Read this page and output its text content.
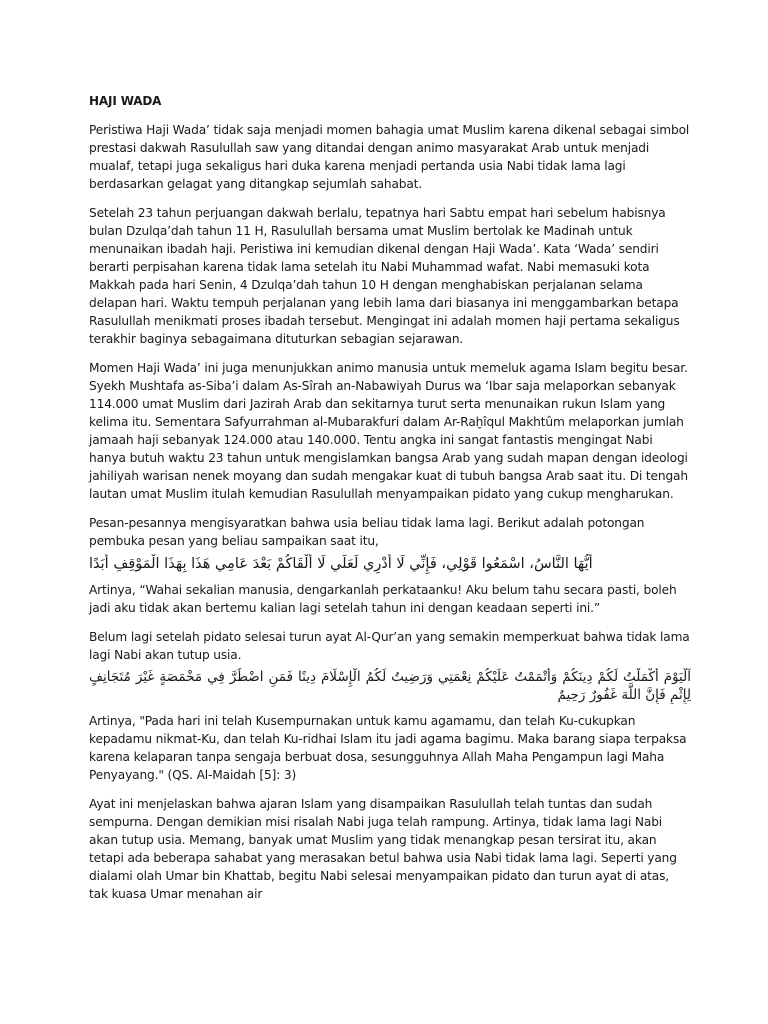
HAJI WADA

Peristiwa Haji Wada’ tidak saja menjadi momen bahagia umat Muslim karena dikenal sebagai simbol prestasi dakwah Rasulullah saw yang ditandai dengan animo masyarakat Arab untuk menjadi mualaf, tetapi juga sekaligus hari duka karena menjadi pertanda usia Nabi tidak lama lagi berdasarkan gelagat yang ditangkap sejumlah sahabat.

Setelah 23 tahun perjuangan dakwah berlalu, tepatnya hari Sabtu empat hari sebelum habisnya bulan Dzulqa’dah tahun 11 H, Rasulullah bersama umat Muslim bertolak ke Madinah untuk menunaikan ibadah haji. Peristiwa ini kemudian dikenal dengan Haji Wada’. Kata ‘Wada’ sendiri berarti perpisahan karena tidak lama setelah itu Nabi Muhammad wafat. Nabi memasuki kota Makkah pada hari Senin, 4 Dzulqa’dah tahun 10 H dengan menghabiskan perjalanan selama delapan hari. Waktu tempuh perjalanan yang lebih lama dari biasanya ini menggambarkan betapa Rasulullah menikmati proses ibadah tersebut. Mengingat ini adalah momen haji pertama sekaligus terakhir baginya sebagaimana dituturkan sebagian sejarawan.

Momen Haji Wada’ ini juga menunjukkan animo manusia untuk memeluk agama Islam begitu besar. Syekh Mushtafa as-Siba’i dalam As-Sîrah an-Nabawiyah Durus wa ‘Ibar saja melaporkan sebanyak 114.000 umat Muslim dari Jazirah Arab dan sekitarnya turut serta menunaikan rukun Islam yang kelima itu. Sementara Safyurrahman al-Mubarakfuri dalam Ar-Raḫîqul Makhtûm melaporkan jumlah jamaah haji sebanyak 124.000 atau 140.000. Tentu angka ini sangat fantastis mengingat Nabi hanya butuh waktu 23 tahun untuk mengislamkan bangsa Arab yang sudah mapan dengan ideologi jahiliyah warisan nenek moyang dan sudah mengakar kuat di tubuh bangsa Arab saat itu. Di tengah lautan umat Muslim itulah kemudian Rasulullah menyampaikan pidato yang cukup mengharukan.

Pesan-pesannya mengisyaratkan bahwa usia beliau tidak lama lagi. Berikut adalah potongan pembuka pesan yang beliau sampaikan saat itu,

أَيُّهَا النَّاسُ، اسْمَعُوا قَوْلِي، فَإِنِّي لَا أَدْرِي لَعَلِّي لَا أَلْقَاكُمْ بَعْدَ عَامِي هَذَا بِهَذَا الْمَوْقِفِ أَبَدًا

Artinya, “Wahai sekalian manusia, dengarkanlah perkataanku! Aku belum tahu secara pasti, boleh jadi aku tidak akan bertemu kalian lagi setelah tahun ini dengan keadaan seperti ini.”

Belum lagi setelah pidato selesai turun ayat Al-Qur’an yang semakin memperkuat bahwa tidak lama lagi Nabi akan tutup usia.

اَلْيَوْمَ أَكْمَلْتُ لَكُمْ دِينَكُمْ وَأَتْمَمْتُ عَلَيْكُمْ نِعْمَتِي وَرَضِيتُ لَكُمُ الْإِسْلَامَ دِينًا فَمَنِ اضْطُرَّ فِي مَخْمَصَةٍ غَيْرَ مُتَجَانِفٍ لِإِثْمٍ فَإِنَّ اللَّهَ غَفُورٌ رَحِيمٌ

Artinya, "Pada hari ini telah Kusempurnakan untuk kamu agamamu, dan telah Ku-cukupkan kepadamu nikmat-Ku, dan telah Ku-ridhai Islam itu jadi agama bagimu. Maka barang siapa terpaksa karena kelaparan tanpa sengaja berbuat dosa, sesungguhnya Allah Maha Pengampun lagi Maha Penyayang." (QS. Al-Maidah [5]: 3)

Ayat ini menjelaskan bahwa ajaran Islam yang disampaikan Rasulullah telah tuntas dan sudah sempurna. Dengan demikian misi risalah Nabi juga telah rampung. Artinya, tidak lama lagi Nabi akan tutup usia. Memang, banyak umat Muslim yang tidak menangkap pesan tersirat itu, akan tetapi ada beberapa sahabat yang merasakan betul bahwa usia Nabi tidak lama lagi. Seperti yang dialami olah Umar bin Khattab, begitu Nabi selesai menyampaikan pidato dan turun ayat di atas, tak kuasa Umar menahan air
